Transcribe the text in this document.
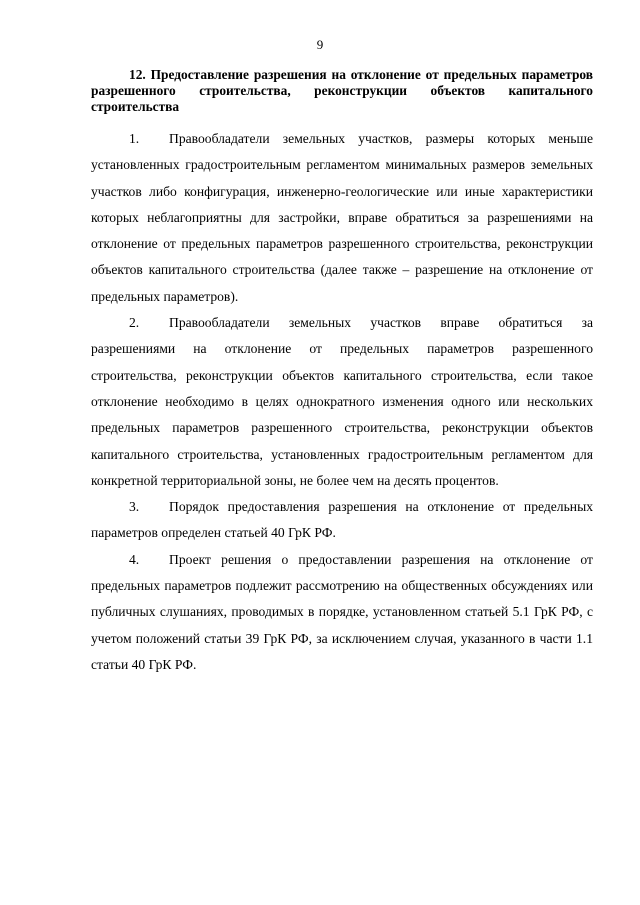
9

12. Предоставление разрешения на отклонение от предельных параметров разрешенного строительства, реконструкции объектов капитального строительства

1. Правообладатели земельных участков, размеры которых меньше установленных градостроительным регламентом минимальных размеров земельных участков либо конфигурация, инженерно-геологические или иные характеристики которых неблагоприятны для застройки, вправе обратиться за разрешениями на отклонение от предельных параметров разрешенного строительства, реконструкции объектов капитального строительства (далее также – разрешение на отклонение от предельных параметров).

2. Правообладатели земельных участков вправе обратиться за разрешениями на отклонение от предельных параметров разрешенного строительства, реконструкции объектов капитального строительства, если такое отклонение необходимо в целях однократного изменения одного или нескольких предельных параметров разрешенного строительства, реконструкции объектов капитального строительства, установленных градостроительным регламентом для конкретной территориальной зоны, не более чем на десять процентов.

3. Порядок предоставления разрешения на отклонение от предельных параметров определен статьей 40 ГрК РФ.

4. Проект решения о предоставлении разрешения на отклонение от предельных параметров подлежит рассмотрению на общественных обсуждениях или публичных слушаниях, проводимых в порядке, установленном статьей 5.1 ГрК РФ, с учетом положений статьи 39 ГрК РФ, за исключением случая, указанного в части 1.1 статьи 40 ГрК РФ.
